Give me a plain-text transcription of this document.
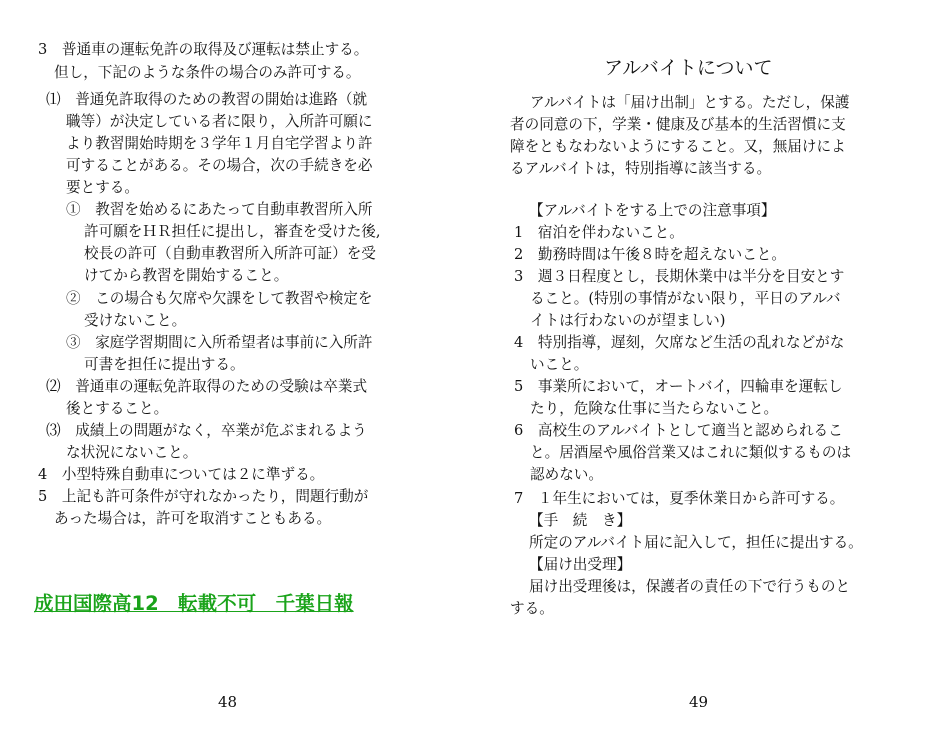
3　普通車の運転免許の取得及び運転は禁止する。
但し，下記のような条件の場合のみ許可する。
⑴　普通免許取得のための教習の開始は進路（就
職等）が決定している者に限り，入所許可願に
より教習開始時期を３学年１月自宅学習より許
可することがある。その場合，次の手続きを必
要とする。
①　教習を始めるにあたって自動車教習所入所
許可願をＨＲ担任に提出し，審査を受けた後,
校長の許可（自動車教習所入所許可証）を受
けてから教習を開始すること。
②　この場合も欠席や欠課をして教習や検定を
受けないこと。
③　家庭学習期間に入所希望者は事前に入所許
可書を担任に提出する。
⑵　普通車の運転免許取得のための受験は卒業式
後とすること。
⑶　成績上の問題がなく，卒業が危ぶまれるよう
な状況にないこと。
4　小型特殊自動車については２に準ずる。
5　上記も許可条件が守れなかったり，問題行動が
あった場合は，許可を取消すこともある。
成田国際高12　転載不可　千葉日報
48
アルバイトについて
アルバイトは「届け出制」とする。ただし，保護
者の同意の下，学業・健康及び基本的生活習慣に支
障をともなわないようにすること。又，無届けによ
るアルバイトは，特別指導に該当する。
【アルバイトをする上での注意事項】
1　宿泊を伴わないこと。
2　勤務時間は午後８時を超えないこと。
3　週３日程度とし，長期休業中は半分を目安とす
ること。(特別の事情がない限り，平日のアルバ
イトは行わないのが望ましい)
4　特別指導，遅刻，欠席など生活の乱れなどがな
いこと。
5　事業所において，オートバイ，四輪車を運転し
たり，危険な仕事に当たらないこと。
6　高校生のアルバイトとして適当と認められるこ
と。居酒屋や風俗営業又はこれに類似するものは
認めない。
7　１年生においては，夏季休業日から許可する。
【手　続　き】
所定のアルバイト届に記入して，担任に提出する。
【届け出受理】
届け出受理後は，保護者の責任の下で行うものと
する。
49
